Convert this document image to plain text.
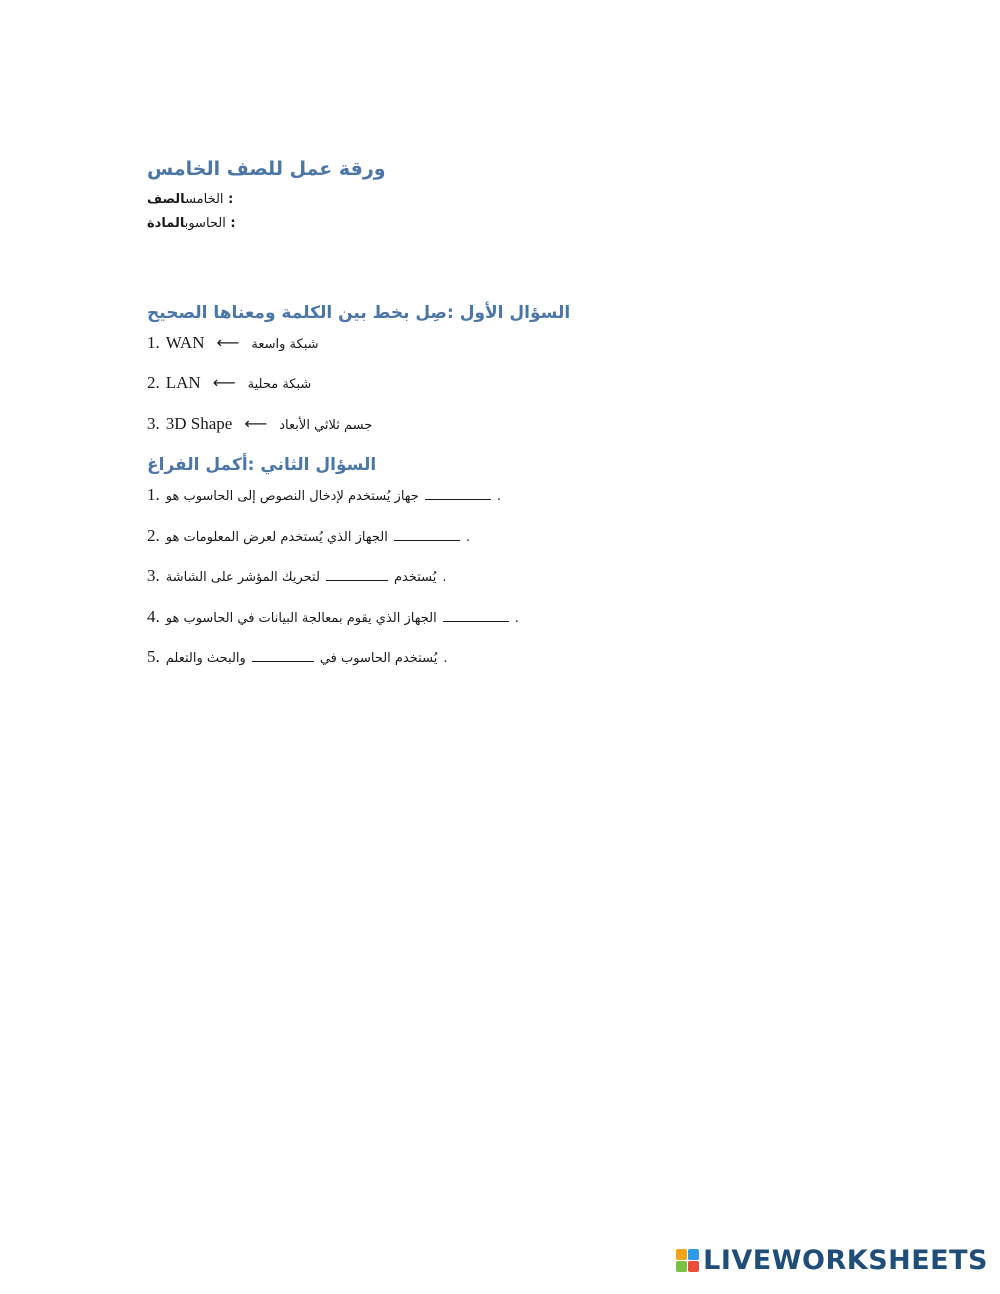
ورقة عمل للصف الخامس
الخامسالصف :
الحاسوبالمادة :
السؤال الأول :صِل بخط بين الكلمة ومعناها الصحيح
1. WAN ⟵ شبكة واسعة
2. LAN ⟵ شبكة محلية
3. 3D Shape ⟵ جسم ثلاثي الأبعاد
السؤال الثاني :أكمل الفراغ
1. جهاز يُستخدم لإدخال النصوص إلى الحاسوب هو	.
2. الجهاز الذي يُستخدم لعرض المعلومات هو	.
3. لتحريك المؤشر على الشاشة	يُستخدم .
4. الجهاز الذي يقوم بمعالجة البيانات في الحاسوب هو	.
5. والبحث والتعلم	يُستخدم الحاسوب في .
LIVEWORKSHEETS
